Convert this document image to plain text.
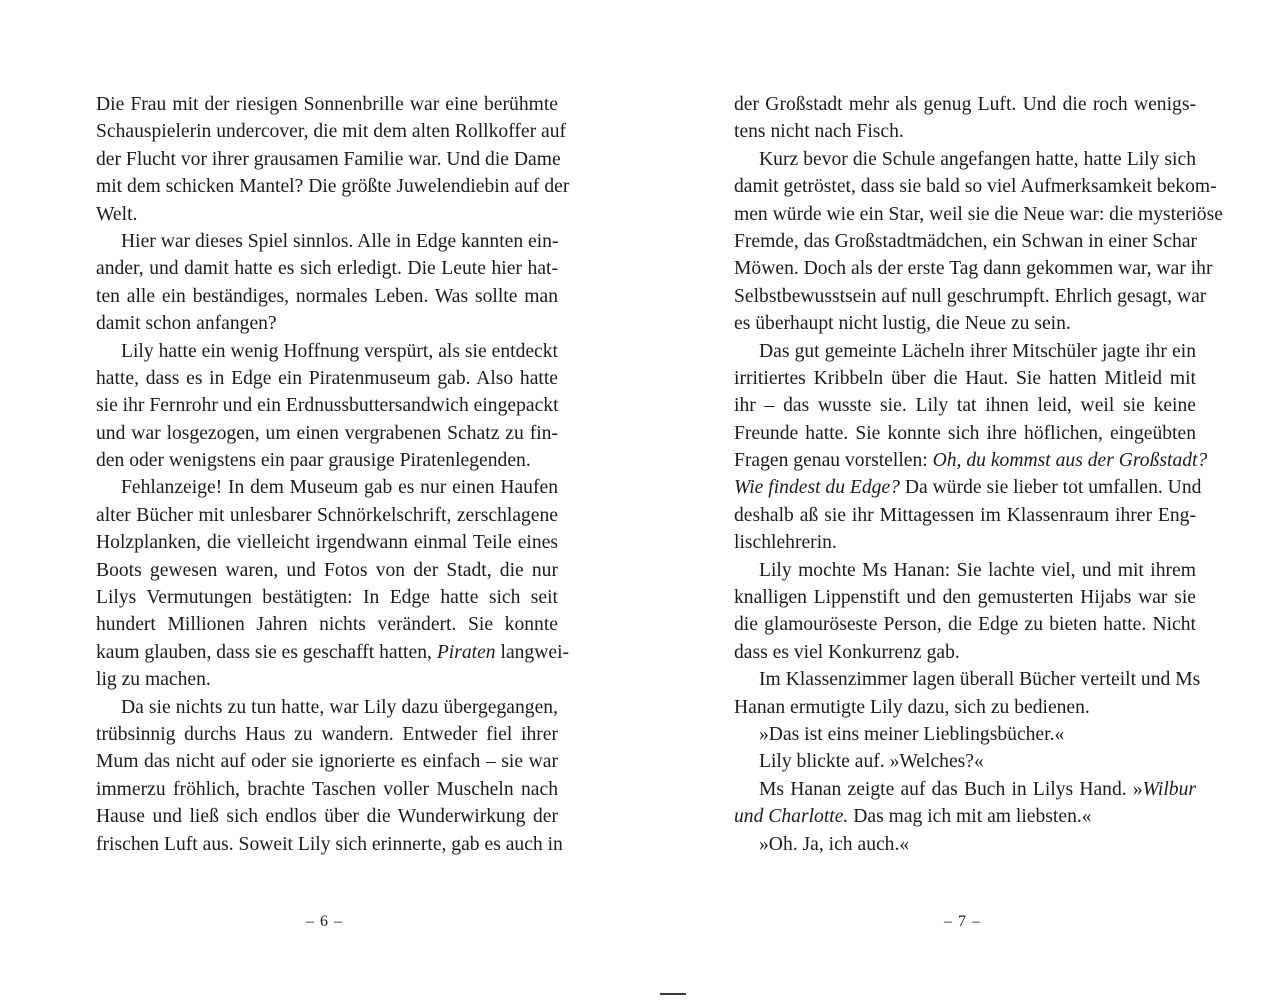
Die Frau mit der riesigen Sonnenbrille war eine berühmte
Schauspielerin undercover, die mit dem alten Rollkoffer auf
der Flucht vor ihrer grausamen Familie war. Und die Dame
mit dem schicken Mantel? Die größte Juwelendiebin auf der
Welt.
Hier war dieses Spiel sinnlos. Alle in Edge kannten ein-
ander, und damit hatte es sich erledigt. Die Leute hier hat-
ten alle ein beständiges, normales Leben. Was sollte man
damit schon anfangen?
Lily hatte ein wenig Hoffnung verspürt, als sie entdeckt
hatte, dass es in Edge ein Piratenmuseum gab. Also hatte
sie ihr Fernrohr und ein Erdnussbuttersandwich eingepackt
und war losgezogen, um einen vergrabenen Schatz zu fin-
den oder wenigstens ein paar grausige Piratenlegenden.
Fehlanzeige! In dem Museum gab es nur einen Haufen
alter Bücher mit unlesbarer Schnörkelschrift, zerschlagene
Holzplanken, die vielleicht irgendwann einmal Teile eines
Boots gewesen waren, und Fotos von der Stadt, die nur
Lilys Vermutungen bestätigten: In Edge hatte sich seit
hundert Millionen Jahren nichts verändert. Sie konnte
kaum glauben, dass sie es geschafft hatten, Piraten langwei-
lig zu machen.
Da sie nichts zu tun hatte, war Lily dazu übergegangen,
trübsinnig durchs Haus zu wandern. Entweder fiel ihrer
Mum das nicht auf oder sie ignorierte es einfach – sie war
immerzu fröhlich, brachte Taschen voller Muscheln nach
Hause und ließ sich endlos über die Wunderwirkung der
frischen Luft aus. Soweit Lily sich erinnerte, gab es auch in
der Großstadt mehr als genug Luft. Und die roch wenigs-
tens nicht nach Fisch.
Kurz bevor die Schule angefangen hatte, hatte Lily sich
damit getröstet, dass sie bald so viel Aufmerksamkeit bekom-
men würde wie ein Star, weil sie die Neue war: die mysteriöse
Fremde, das Großstadtmädchen, ein Schwan in einer Schar
Möwen. Doch als der erste Tag dann gekommen war, war ihr
Selbstbewusstsein auf null geschrumpft. Ehrlich gesagt, war
es überhaupt nicht lustig, die Neue zu sein.
Das gut gemeinte Lächeln ihrer Mitschüler jagte ihr ein
irritiertes Kribbeln über die Haut. Sie hatten Mitleid mit
ihr – das wusste sie. Lily tat ihnen leid, weil sie keine
Freunde hatte. Sie konnte sich ihre höflichen, eingeübten
Fragen genau vorstellen: Oh, du kommst aus der Großstadt?
Wie findest du Edge? Da würde sie lieber tot umfallen. Und
deshalb aß sie ihr Mittagessen im Klassenraum ihrer Eng-
lischlehrerin.
Lily mochte Ms Hanan: Sie lachte viel, und mit ihrem
knalligen Lippenstift und den gemusterten Hijabs war sie
die glamouröseste Person, die Edge zu bieten hatte. Nicht
dass es viel Konkurrenz gab.
Im Klassenzimmer lagen überall Bücher verteilt und Ms
Hanan ermutigte Lily dazu, sich zu bedienen.
»Das ist eins meiner Lieblingsbücher.«
Lily blickte auf. »Welches?«
Ms Hanan zeigte auf das Buch in Lilys Hand. »Wilbur
und Charlotte. Das mag ich mit am liebsten.«
»Oh. Ja, ich auch.«
– 6 –	– 7 –
